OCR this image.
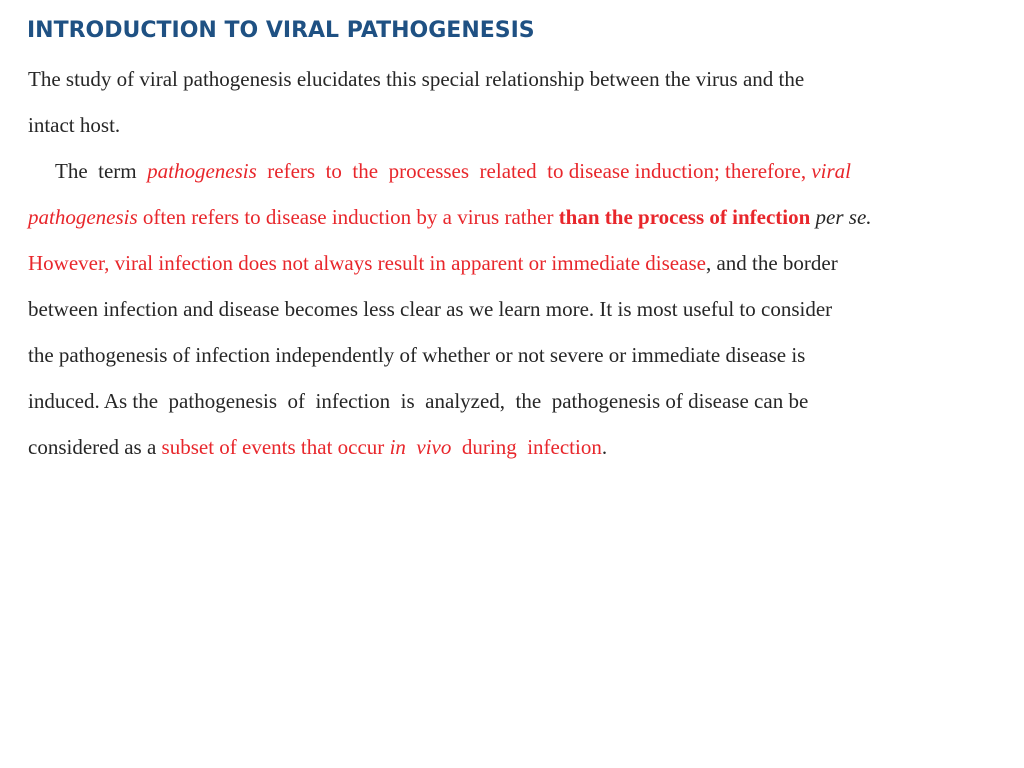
INTRODUCTION TO VIRAL PATHOGENESIS

The study of viral pathogenesis elucidates this special relationship between the virus and the
intact host.

The  term  pathogenesis  refers  to  the  processes  related  to disease induction; therefore, viral
pathogenesis often refers to disease induction by a virus rather than the process of infection per se.
However, viral infection does not always result in apparent or immediate disease, and the border
between infection and disease becomes less clear as we learn more. It is most useful to consider
the pathogenesis of infection independently of whether or not severe or immediate disease is
induced. As the  pathogenesis  of  infection  is  analyzed,  the  pathogenesis of disease can be
considered as a subset of events that occur in  vivo  during  infection.
